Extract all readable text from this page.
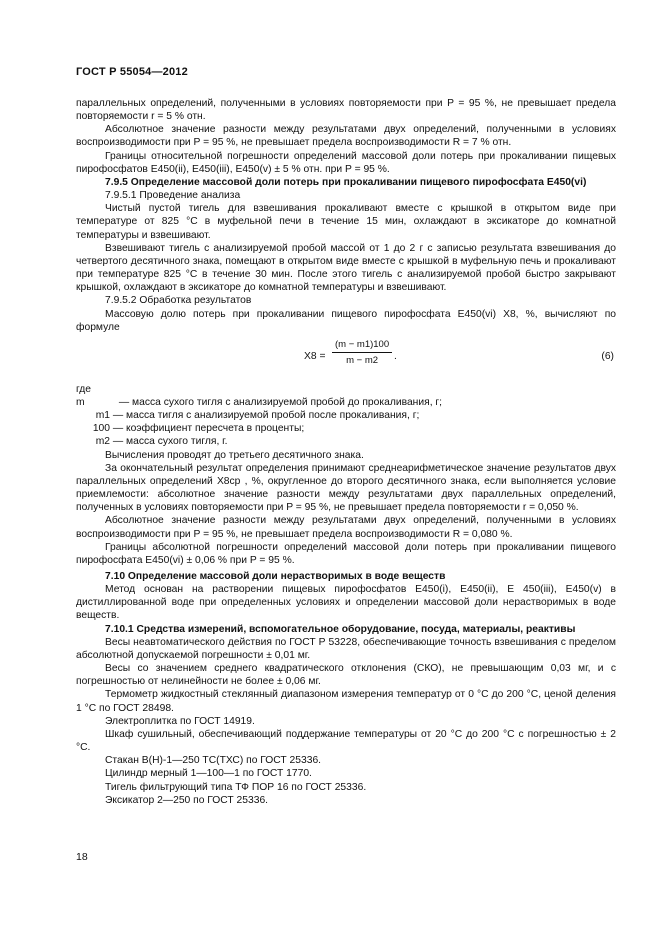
ГОСТ Р 55054—2012

параллельных определений, полученными в условиях повторяемости при P = 95 %, не превышает предела повторяемости r = 5 % отн.

Абсолютное значение разности между результатами двух определений, полученными в условиях воспроизводимости при P = 95 %, не превышает предела воспроизводимости R = 7 % отн.

Границы относительной погрешности определений массовой доли потерь при прокаливании пищевых пирофосфатов Е450(ii), Е450(iii), Е450(v) ± 5 % отн. при P = 95 %.

7.9.5 Определение массовой доли потерь при прокаливании пищевого пирофосфата Е450(vi)

7.9.5.1 Проведение анализа

Чистый пустой тигель для взвешивания прокаливают вместе с крышкой в открытом виде при температуре от 825 °С в муфельной печи в течение 15 мин, охлаждают в эксикаторе до комнатной температуры и взвешивают.

Взвешивают тигель с анализируемой пробой массой от 1 до 2 г с записью результата взвешивания до четвертого десятичного знака, помещают в открытом виде вместе с крышкой в муфельную печь и прокаливают при температуре 825 °С в течение 30 мин. После этого тигель с анализируемой пробой быстро закрывают крышкой, охлаждают в эксикаторе до комнатной температуры и взвешивают.

7.9.5.2 Обработка результатов

Массовую долю потерь при прокаливании пищевого пирофосфата Е450(vi) X8, %, вычисляют по формуле

$X8 = \frac{(m - m1)100}{m - m2}$ .	(6)

где m	— масса сухого тигля с анализируемой пробой до прокаливания, г;

m1 — масса тигля с анализируемой пробой после прокаливания, г;

100 — коэффициент пересчета в проценты;

m2 — масса сухого тигля, г.

Вычисления проводят до третьего десятичного знака.

За окончательный результат определения принимают среднеарифметическое значение результатов двух параллельных определений X8ср , %, округленное до второго десятичного знака, если выполняется условие приемлемости: абсолютное значение разности между результатами двух параллельных определений, полученных в условиях повторяемости при P = 95 %, не превышает предела повторяемости r = 0,050 %.

Абсолютное значение разности между результатами двух определений, полученными в условиях воспроизводимости при P = 95 %, не превышает предела воспроизводимости R = 0,080 %.

Границы абсолютной погрешности определений массовой доли потерь при прокаливании пищевого пирофосфата Е450(vi) ± 0,06 % при P = 95 %.

7.10 Определение массовой доли нерастворимых в воде веществ

Метод основан на растворении пищевых пирофосфатов Е450(i), Е450(ii), Е 450(iii), Е450(v) в дистиллированной воде при определенных условиях и определении массовой доли нерастворимых в воде веществ.

7.10.1 Средства измерений, вспомогательное оборудование, посуда, материалы, реактивы

Весы неавтоматического действия по ГОСТ Р 53228, обеспечивающие точность взвешивания с пределом абсолютной допускаемой погрешности ± 0,01 мг.

Весы со значением среднего квадратического отклонения (СКО), не превышающим 0,03 мг, и с погрешностью от нелинейности не более ± 0,06 мг.

Термометр жидкостный стеклянный диапазоном измерения температур от 0 °С до 200 °С, ценой деления 1 °С по ГОСТ 28498.

Электроплитка по ГОСТ 14919.

Шкаф сушильный, обеспечивающий поддержание температуры от 20 °С до 200 °С с погрешностью ± 2 °С.

Стакан В(Н)-1—250 ТС(ТХС) по ГОСТ 25336.

Цилиндр мерный 1—100—1 по ГОСТ 1770.

Тигель фильтрующий типа ТФ ПОР 16 по ГОСТ 25336.

Эксикатор 2—250 по ГОСТ 25336.

18
